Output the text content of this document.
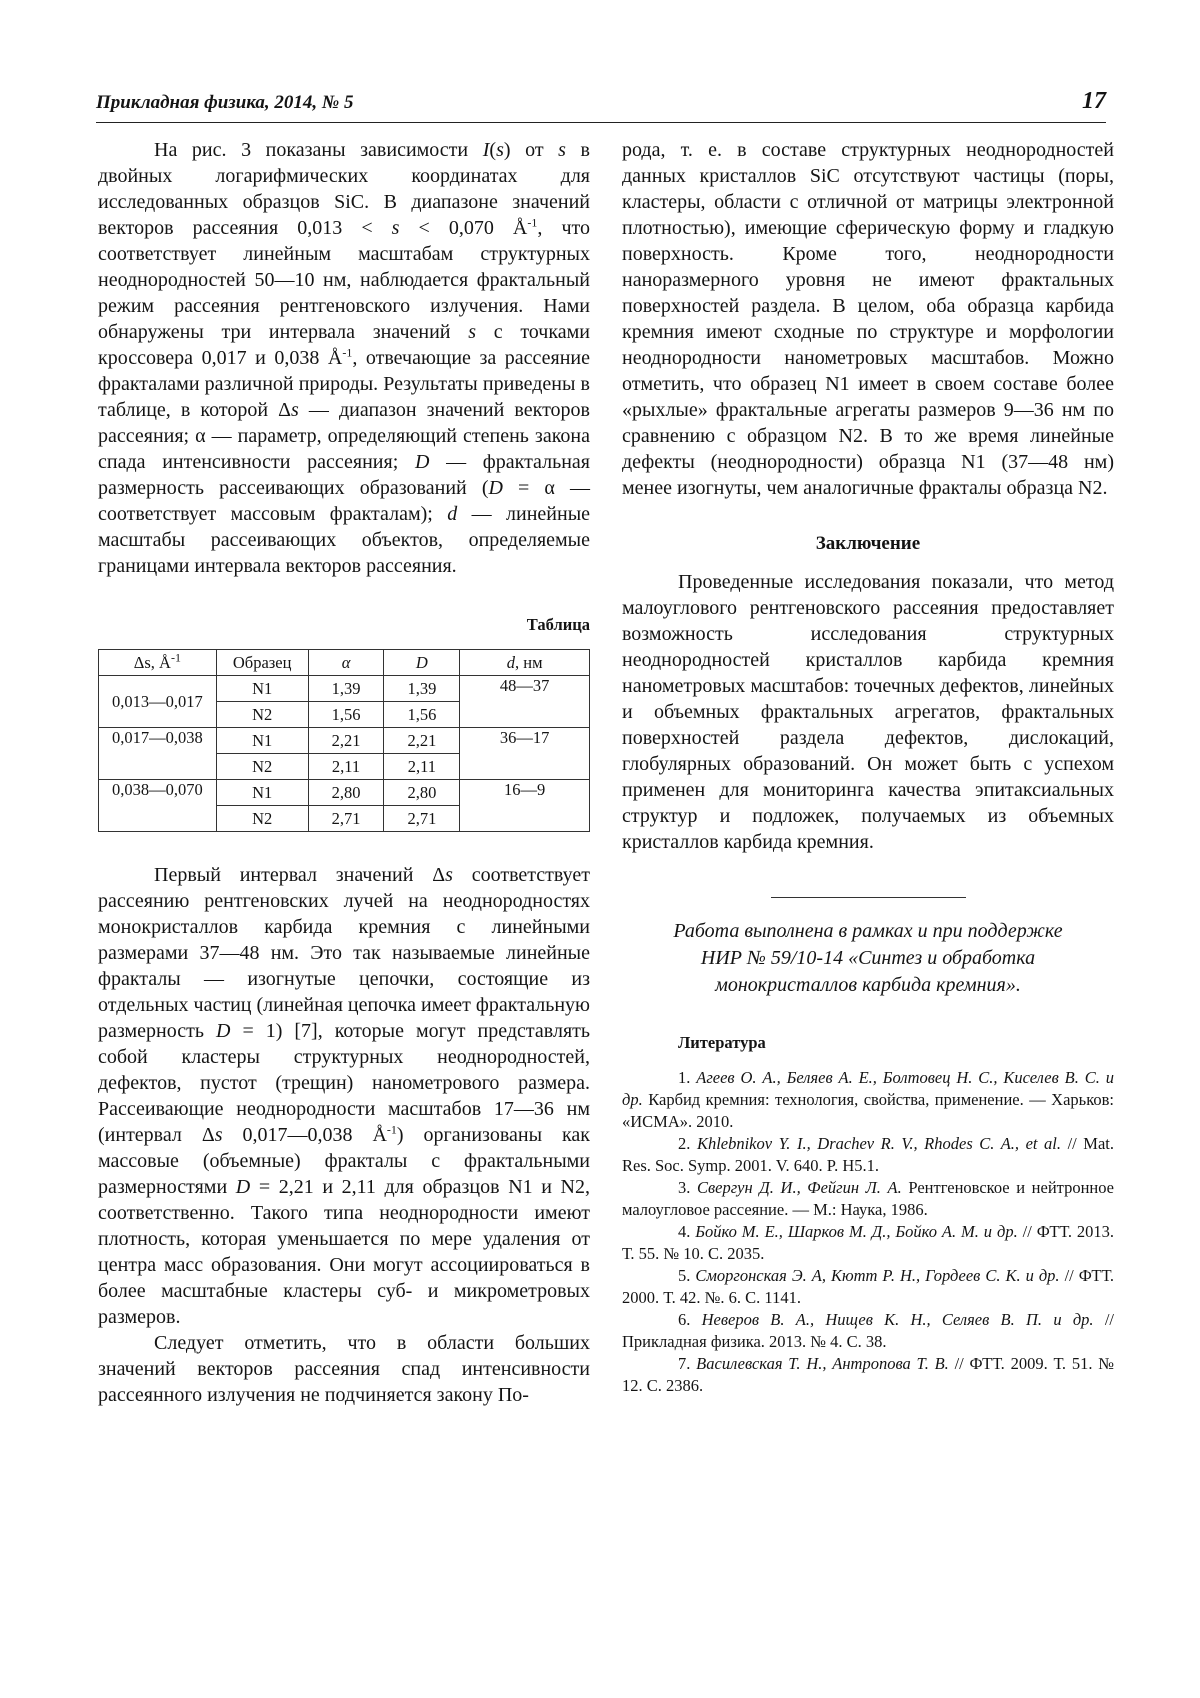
Прикладная физика, 2014, № 5	17

На рис. 3 показаны зависимости I(s) от s в двойных логарифмических координатах для исследованных образцов SiC. В диапазоне значений векторов рассеяния 0,013 < s < 0,070 $Å^{-1}$, что соответствует линейным масштабам структурных неоднородностей 50—10 нм, наблюдается фрактальный режим рассеяния рентгеновского излучения. Нами обнаружены три интервала значений s с точками кроссовера 0,017 и 0,038 $Å^{-1}$, отвечающие за рассеяние фракталами различной природы. Результаты приведены в таблице, в которой Δs — диапазон значений векторов рассеяния; α — параметр, определяющий степень закона спада интенсивности рассеяния; D — фрактальная размерность рассеивающих образований (D = α — соответствует массовым фракталам); d — линейные масштабы рассеивающих объектов, определяемые границами интервала векторов рассеяния.

Таблица
Δs, $Å^{-1}$	Образец	α	D	d, нм
0,013—0,017	N1	1,39	1,39	48—37
	N2	1,56	1,56	
0,017—0,038	N1	2,21	2,21	36—17
	N2	2,11	2,11	
0,038—0,070	N1	2,80	2,80	16—9
	N2	2,71	2,71	

Первый интервал значений Δs соответствует рассеянию рентгеновских лучей на неоднородностях монокристаллов карбида кремния с линейными размерами 37—48 нм. Это так называемые линейные фракталы — изогнутые цепочки, состоящие из отдельных частиц (линейная цепочка имеет фрактальную размерность D = 1) [7], которые могут представлять собой кластеры структурных неоднородностей, дефектов, пустот (трещин) нанометрового размера. Рассеивающие неоднородности масштабов 17—36 нм (интервал Δs 0,017—0,038 $Å^{-1}$) организованы как массовые (объемные) фракталы с фрактальными размерностями D = 2,21 и 2,11 для образцов N1 и N2, соответственно. Такого типа неоднородности имеют плотность, которая уменьшается по мере удаления от центра масс образования. Они могут ассоциироваться в более масштабные кластеры суб- и микрометровых размеров.

Следует отметить, что в области больших значений векторов рассеяния спад интенсивности рассеянного излучения не подчиняется закону По-

рода, т. е. в составе структурных неоднородностей данных кристаллов SiC отсутствуют частицы (поры, кластеры, области с отличной от матрицы электронной плотностью), имеющие сферическую форму и гладкую поверхность. Кроме того, неоднородности наноразмерного уровня не имеют фрактальных поверхностей раздела. В целом, оба образца карбида кремния имеют сходные по структуре и морфологии неоднородности нанометровых масштабов. Можно отметить, что образец N1 имеет в своем составе более «рыхлые» фрактальные агрегаты размеров 9—36 нм по сравнению с образцом N2. В то же время линейные дефекты (неоднородности) образца N1 (37—48 нм) менее изогнуты, чем аналогичные фракталы образца N2.

Заключение

Проведенные исследования показали, что метод малоуглового рентгеновского рассеяния предоставляет возможность исследования структурных неоднородностей кристаллов карбида кремния нанометровых масштабов: точечных дефектов, линейных и объемных фрактальных агрегатов, фрактальных поверхностей раздела дефектов, дислокаций, глобулярных образований. Он может быть с успехом применен для мониторинга качества эпитаксиальных структур и подложек, получаемых из объемных кристаллов карбида кремния.

Работа выполнена в рамках и при поддержке
НИР № 59/10-14 «Синтез и обработка
монокристаллов карбида кремния».

Литература

1. Агеев О. А., Беляев А. Е., Болтовец Н. С., Киселев В. С. и др. Карбид кремния: технология, свойства, применение. — Харьков: «ИСМА». 2010.

2. Khlebnikov Y. I., Drachev R. V., Rhodes C. A., et al. // Mat. Res. Soc. Symp. 2001. V. 640. P. H5.1.

3. Свергун Д. И., Фейгин Л. А. Рентгеновское и нейтронное малоугловое рассеяние. — М.: Наука, 1986.

4. Бойко М. Е., Шарков М. Д., Бойко А. М. и др. // ФТТ. 2013. Т. 55. № 10. С. 2035.

5. Сморгонская Э. А, Кютт Р. Н., Гордеев С. К. и др. // ФТТ. 2000. Т. 42. №. 6. С. 1141.

6. Неверов В. А., Нищев К. Н., Селяев В. П. и др. // Прикладная физика. 2013. № 4. С. 38.

7. Василевская Т. Н., Антропова Т. В. // ФТТ. 2009. Т. 51. № 12. С. 2386.
